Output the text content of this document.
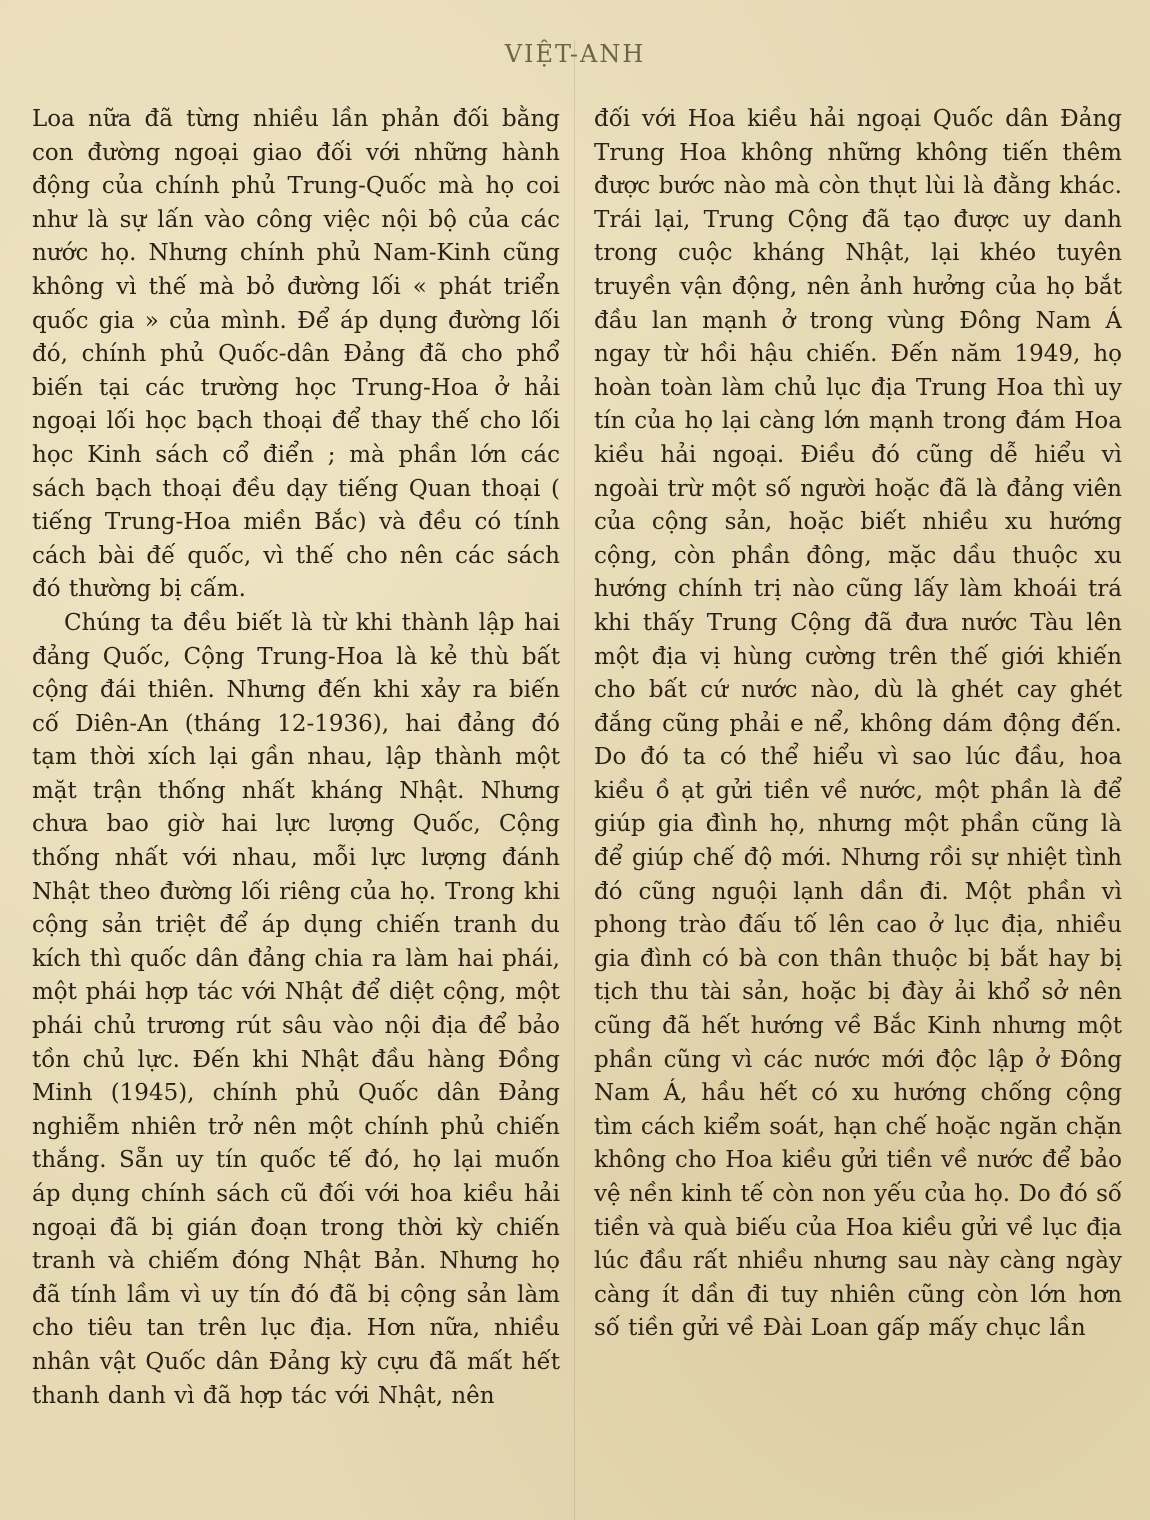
VIỆT-ANH

Loa nữa đã từng nhiều lần phản đối bằng con đường ngoại giao đối với những hành động của chính phủ Trung-Quốc mà họ coi như là sự lấn vào công việc nội bộ của các nước họ. Nhưng chính phủ Nam-Kinh cũng không vì thế mà bỏ đường lối « phát triển quốc gia » của mình. Để áp dụng đường lối đó, chính phủ Quốc-dân Đảng đã cho phổ biến tại các trường học Trung-Hoa ở hải ngoại lối học bạch thoại để thay thế cho lối học Kinh sách cổ điển ; mà phần lớn các sách bạch thoại đều dạy tiếng Quan thoại ( tiếng Trung-Hoa miền Bắc) và đều có tính cách bài đế quốc, vì thế cho nên các sách đó thường bị cấm.

Chúng ta đều biết là từ khi thành lập hai đảng Quốc, Cộng Trung-Hoa là kẻ thù bất cộng đái thiên. Nhưng đến khi xảy ra biến cố Diên-An (tháng 12-1936), hai đảng đó tạm thời xích lại gần nhau, lập thành một mặt trận thống nhất kháng Nhật. Nhưng chưa bao giờ hai lực lượng Quốc, Cộng thống nhất với nhau, mỗi lực lượng đánh Nhật theo đường lối riêng của họ. Trong khi cộng sản triệt để áp dụng chiến tranh du kích thì quốc dân đảng chia ra làm hai phái, một phái hợp tác với Nhật để diệt cộng, một phái chủ trương rút sâu vào nội địa để bảo tồn chủ lực. Đến khi Nhật đầu hàng Đồng Minh (1945), chính phủ Quốc dân Đảng nghiễm nhiên trở nên một chính phủ chiến thắng. Sẵn uy tín quốc tế đó, họ lại muốn áp dụng chính sách cũ đối với hoa kiều hải ngoại đã bị gián đoạn trong thời kỳ chiến tranh và chiếm đóng Nhật Bản. Nhưng họ đã tính lầm vì uy tín đó đã bị cộng sản làm cho tiêu tan trên lục địa. Hơn nữa, nhiều nhân vật Quốc dân Đảng kỳ cựu đã mất hết thanh danh vì đã hợp tác với Nhật, nên

đối với Hoa kiều hải ngoại Quốc dân Đảng Trung Hoa không những không tiến thêm được bước nào mà còn thụt lùi là đằng khác. Trái lại, Trung Cộng đã tạo được uy danh trong cuộc kháng Nhật, lại khéo tuyên truyền vận động, nên ảnh hưởng của họ bắt đầu lan mạnh ở trong vùng Đông Nam Á ngay từ hồi hậu chiến. Đến năm 1949, họ hoàn toàn làm chủ lục địa Trung Hoa thì uy tín của họ lại càng lớn mạnh trong đám Hoa kiều hải ngoại. Điều đó cũng dễ hiểu vì ngoài trừ một số người hoặc đã là đảng viên của cộng sản, hoặc biết nhiều xu hướng cộng, còn phần đông, mặc dầu thuộc xu hướng chính trị nào cũng lấy làm khoái trá khi thấy Trung Cộng đã đưa nước Tàu lên một địa vị hùng cường trên thế giới khiến cho bất cứ nước nào, dù là ghét cay ghét đắng cũng phải e nể, không dám động đến. Do đó ta có thể hiểu vì sao lúc đầu, hoa kiều ồ ạt gửi tiền về nước, một phần là để giúp gia đình họ, nhưng một phần cũng là để giúp chế độ mới. Nhưng rồi sự nhiệt tình đó cũng nguội lạnh dần đi. Một phần vì phong trào đấu tố lên cao ở lục địa, nhiều gia đình có bà con thân thuộc bị bắt hay bị tịch thu tài sản, hoặc bị đày ải khổ sở nên cũng đã hết hướng về Bắc Kinh nhưng một phần cũng vì các nước mới độc lập ở Đông Nam Á, hầu hết có xu hướng chống cộng tìm cách kiểm soát, hạn chế hoặc ngăn chặn không cho Hoa kiều gửi tiền về nước để bảo vệ nền kinh tế còn non yếu của họ. Do đó số tiền và quà biếu của Hoa kiều gửi về lục địa lúc đầu rất nhiều nhưng sau này càng ngày càng ít dần đi tuy nhiên cũng còn lớn hơn số tiền gửi về Đài Loan gấp mấy chục lần
